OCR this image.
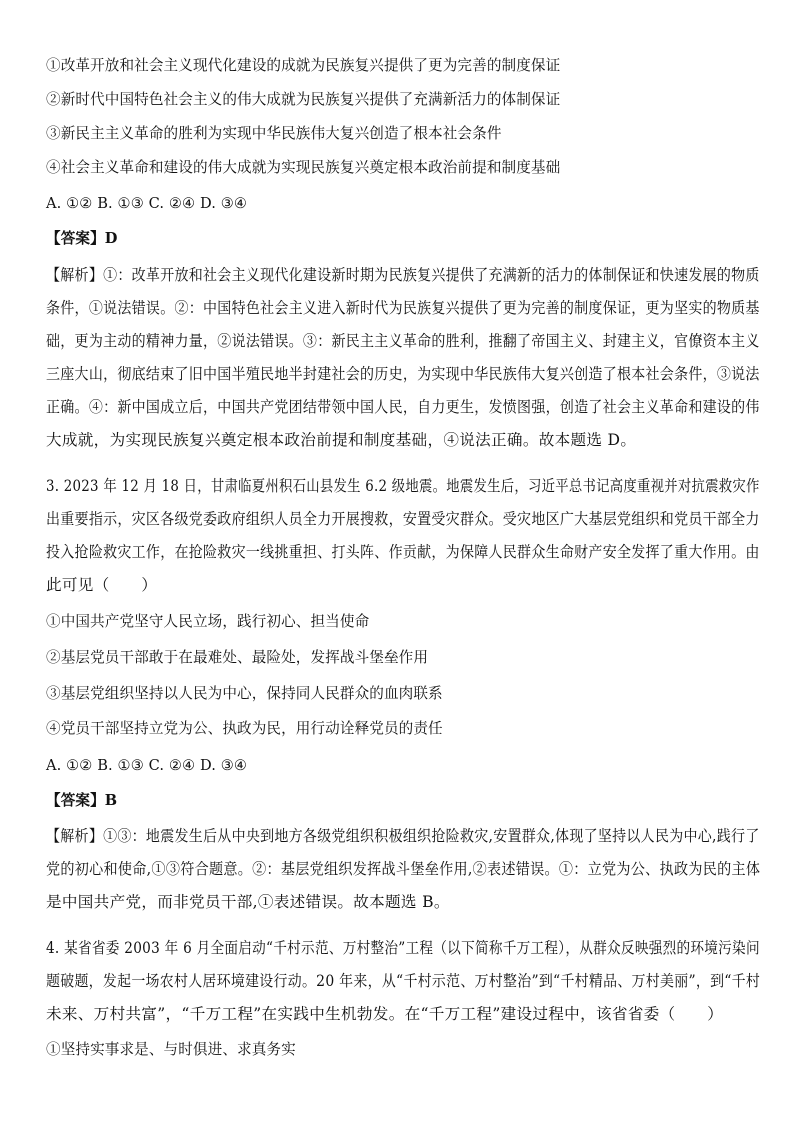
①改革开放和社会主义现代化建设的成就为民族复兴提供了更为完善的制度保证
②新时代中国特色社会主义的伟大成就为民族复兴提供了充满新活力的体制保证
③新民主主义革命的胜利为实现中华民族伟大复兴创造了根本社会条件
④社会主义革命和建设的伟大成就为实现民族复兴奠定根本政治前提和制度基础
A. ①② B. ①③ C. ②④ D. ③④
【答案】D
【解析】①：改革开放和社会主义现代化建设新时期为民族复兴提供了充满新的活力的体制保证和快速发展的物质
条件，①说法错误。②：中国特色社会主义进入新时代为民族复兴提供了更为完善的制度保证，更为坚实的物质基
础，更为主动的精神力量，②说法错误。③：新民主主义革命的胜利，推翻了帝国主义、封建主义，官僚资本主义
三座大山，彻底结束了旧中国半殖民地半封建社会的历史，为实现中华民族伟大复兴创造了根本社会条件，③说法
正确。④：新中国成立后，中国共产党团结带领中国人民，自力更生，发愤图强，创造了社会主义革命和建设的伟
大成就，为实现民族复兴奠定根本政治前提和制度基础，④说法正确。故本题选 D。
3. 2023 年 12 月 18 日，甘肃临夏州积石山县发生 6.2 级地震。地震发生后，习近平总书记高度重视并对抗震救灾作
出重要指示，灾区各级党委政府组织人员全力开展搜救，安置受灾群众。受灾地区广大基层党组织和党员干部全力
投入抢险救灾工作，在抢险救灾一线挑重担、打头阵、作贡献，为保障人民群众生命财产安全发挥了重大作用。由
此可见（　　）
①中国共产党坚守人民立场，践行初心、担当使命
②基层党员干部敢于在最难处、最险处，发挥战斗堡垒作用
③基层党组织坚持以人民为中心，保持同人民群众的血肉联系
④党员干部坚持立党为公、执政为民，用行动诠释党员的责任
A. ①② B. ①③ C. ②④ D. ③④
【答案】B
【解析】①③：地震发生后从中央到地方各级党组织积极组织抢险救灾,安置群众,体现了坚持以人民为中心,践行了
党的初心和使命,①③符合题意。②：基层党组织发挥战斗堡垒作用,②表述错误。①：立党为公、执政为民的主体
是中国共产党，而非党员干部,①表述错误。故本题选 B。
4. 某省省委 2003 年 6 月全面启动“千村示范、万村整治”工程（以下简称千万工程），从群众反映强烈的环境污染问
题破题，发起一场农村人居环境建设行动。20 年来，从“千村示范、万村整治”到“千村精品、万村美丽”，到“千村
未来、万村共富”，“千万工程”在实践中生机勃发。在“千万工程”建设过程中，该省省委（　　）
①坚持实事求是、与时俱进、求真务实
